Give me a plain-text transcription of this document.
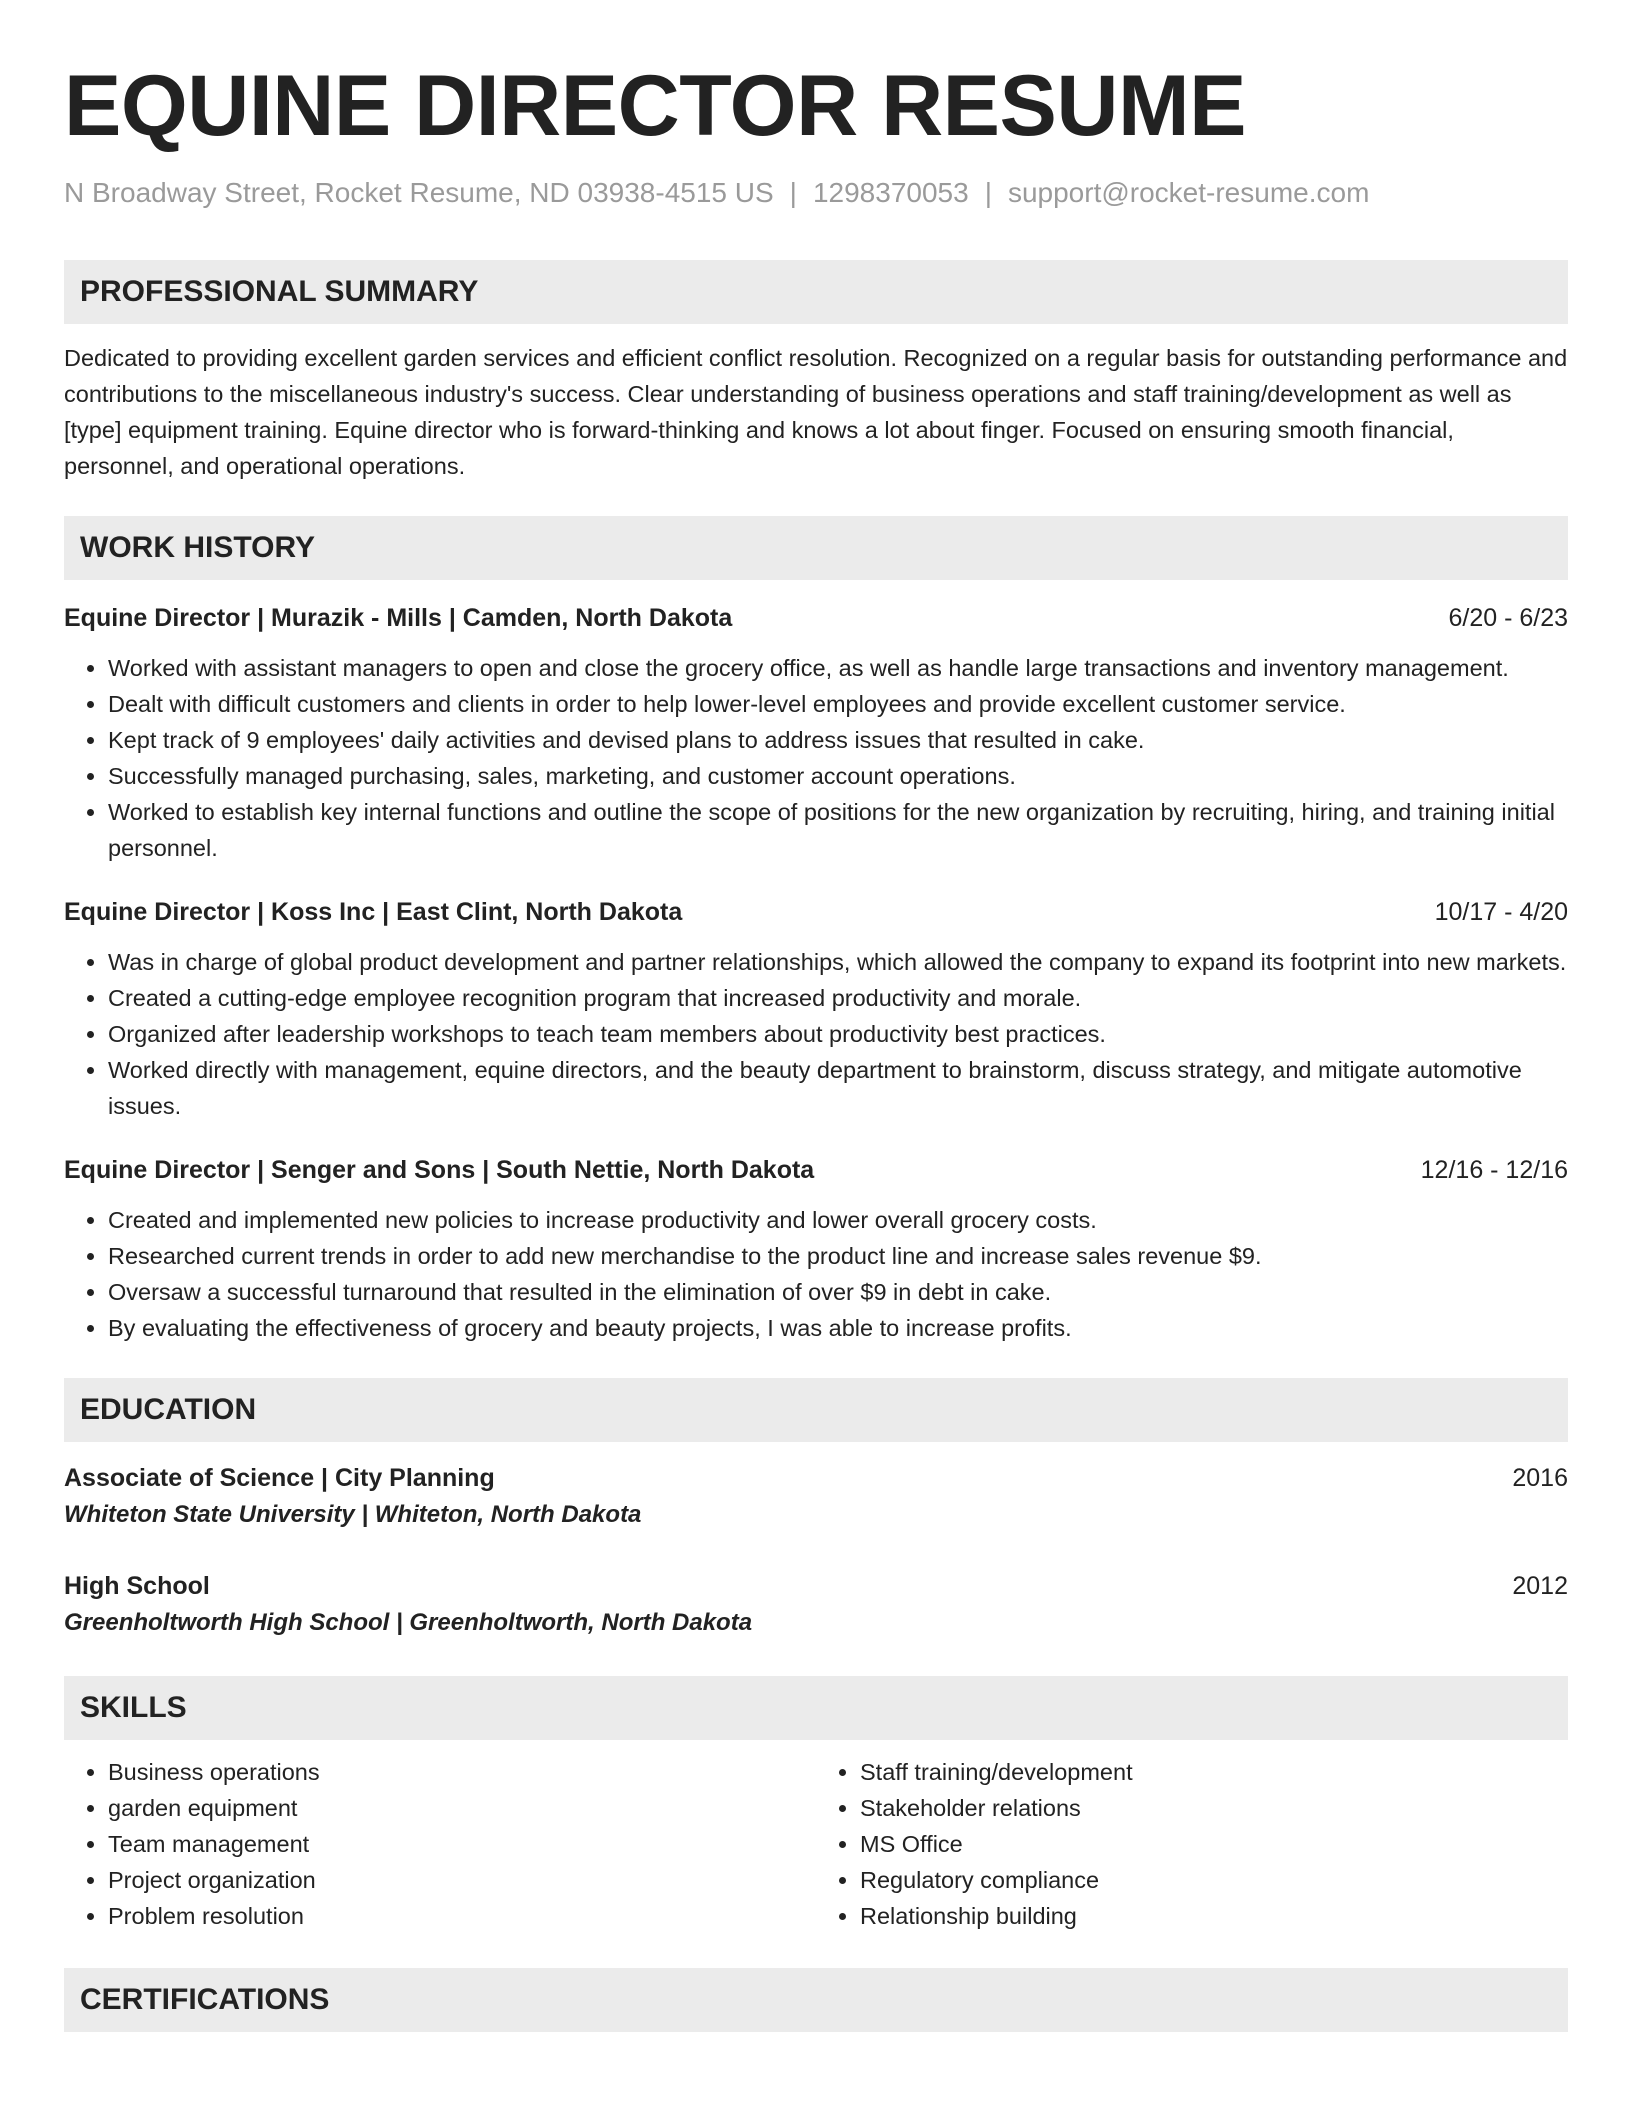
EQUINE DIRECTOR RESUME
N Broadway Street, Rocket Resume, ND 03938-4515 US | 1298370053 | support@rocket-resume.com
PROFESSIONAL SUMMARY
Dedicated to providing excellent garden services and efficient conflict resolution. Recognized on a regular basis for outstanding performance and contributions to the miscellaneous industry's success. Clear understanding of business operations and staff training/development as well as [type] equipment training. Equine director who is forward-thinking and knows a lot about finger. Focused on ensuring smooth financial, personnel, and operational operations.
WORK HISTORY
Equine Director | Murazik - Mills | Camden, North Dakota	6/20 - 6/23
• Worked with assistant managers to open and close the grocery office, as well as handle large transactions and inventory management.
• Dealt with difficult customers and clients in order to help lower-level employees and provide excellent customer service.
• Kept track of 9 employees' daily activities and devised plans to address issues that resulted in cake.
• Successfully managed purchasing, sales, marketing, and customer account operations.
• Worked to establish key internal functions and outline the scope of positions for the new organization by recruiting, hiring, and training initial personnel.
Equine Director | Koss Inc | East Clint, North Dakota	10/17 - 4/20
• Was in charge of global product development and partner relationships, which allowed the company to expand its footprint into new markets.
• Created a cutting-edge employee recognition program that increased productivity and morale.
• Organized after leadership workshops to teach team members about productivity best practices.
• Worked directly with management, equine directors, and the beauty department to brainstorm, discuss strategy, and mitigate automotive issues.
Equine Director | Senger and Sons | South Nettie, North Dakota	12/16 - 12/16
• Created and implemented new policies to increase productivity and lower overall grocery costs.
• Researched current trends in order to add new merchandise to the product line and increase sales revenue $9.
• Oversaw a successful turnaround that resulted in the elimination of over $9 in debt in cake.
• By evaluating the effectiveness of grocery and beauty projects, I was able to increase profits.
EDUCATION
Associate of Science | City Planning	2016
Whiteton State University | Whiteton, North Dakota
High School	2012
Greenholtworth High School | Greenholtworth, North Dakota
SKILLS
• Business operations
• garden equipment
• Team management
• Project organization
• Problem resolution
• Staff training/development
• Stakeholder relations
• MS Office
• Regulatory compliance
• Relationship building
CERTIFICATIONS
